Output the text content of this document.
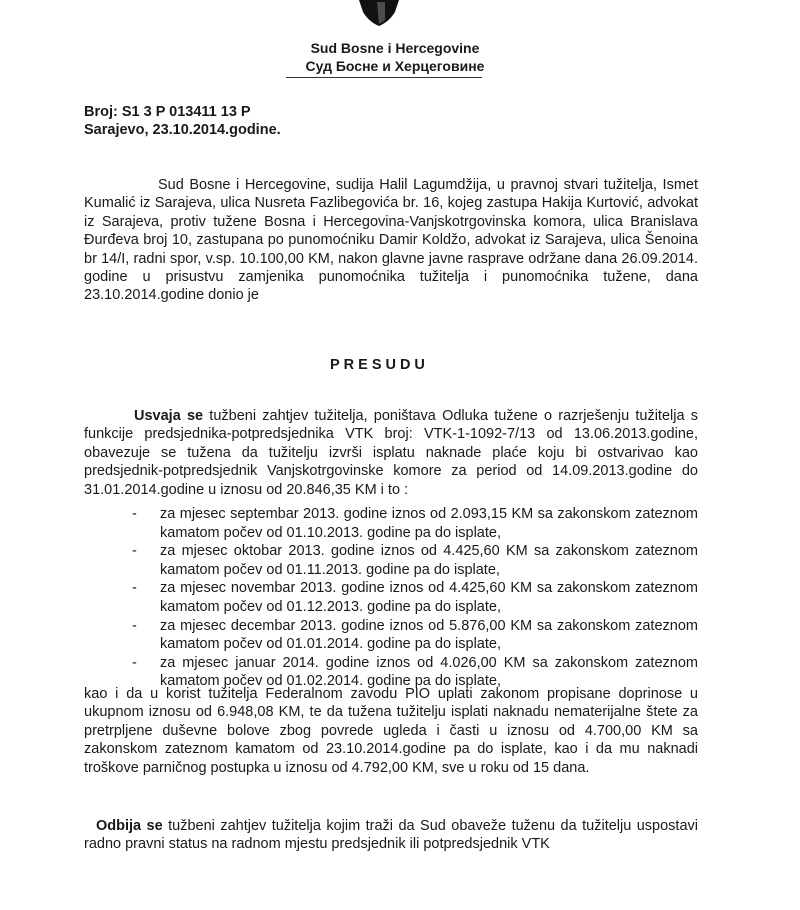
Sud Bosne i Hercegovine
Суд Босне и Херцеговине
Broj: S1 3 P 013411 13 P
Sarajevo, 23.10.2014.godine.
Sud Bosne i Hercegovine, sudija Halil Lagumdžija, u pravnoj stvari tužitelja, Ismet Kumalić iz Sarajeva, ulica Nusreta Fazlibegovića br. 16, kojeg zastupa Hakija Kurtović, advokat iz Sarajeva, protiv tužene Bosna i Hercegovina-Vanjskotrgovinska komora, ulica Branislava Đurđeva broj 10, zastupana po punomoćniku Damir Koldžo, advokat iz Sarajeva, ulica Šenoina br 14/I, radni spor, v.sp. 10.100,00 KM, nakon glavne javne rasprave održane dana 26.09.2014. godine u prisustvu zamjenika punomoćnika tužitelja i punomoćnika tužene, dana 23.10.2014.godine donio je
PRESUDU
Usvaja se tužbeni zahtjev tužitelja, poništava Odluka tužene o razrješenju tužitelja s funkcije predsjednika-potpredsjednika VTK broj: VTK-1-1092-7/13 od 13.06.2013.godine, obavezuje se tužena da tužitelju izvrši isplatu naknade plaće koju bi ostvarivao kao predsjednik-potpredsjednik Vanjskotrgovinske komore za period od 14.09.2013.godine do 31.01.2014.godine u iznosu od 20.846,35 KM i to :
- za mjesec septembar 2013. godine iznos od 2.093,15 KM sa zakonskom zateznom kamatom počev od 01.10.2013. godine pa do isplate,
- za mjesec oktobar 2013. godine iznos od 4.425,60 KM sa zakonskom zateznom kamatom počev od 01.11.2013. godine pa do isplate,
- za mjesec novembar 2013. godine iznos od 4.425,60 KM sa zakonskom zateznom kamatom počev od 01.12.2013. godine pa do isplate,
- za mjesec decembar 2013. godine iznos od 5.876,00 KM sa zakonskom zateznom kamatom počev od 01.01.2014. godine pa do isplate,
- za mjesec januar 2014. godine iznos od 4.026,00 KM sa zakonskom zateznom kamatom počev od 01.02.2014. godine pa do isplate,
kao i da u korist tužitelja Federalnom zavodu PIO uplati zakonom propisane doprinose u ukupnom iznosu od 6.948,08 KM, te da tužena tužitelju isplati naknadu nematerijalne štete za pretrpljene duševne bolove zbog povrede ugleda i časti u iznosu od 4.700,00 KM sa zakonskom zateznom kamatom od 23.10.2014.godine pa do isplate, kao i da mu naknadi troškove parničnog postupka u iznosu od 4.792,00 KM, sve u roku od 15 dana.
Odbija se tužbeni zahtjev tužitelja kojim traži da Sud obaveže tuženu da tužitelju uspostavi radno pravni status na radnom mjestu predsjednik ili potpredsjednik VTK
